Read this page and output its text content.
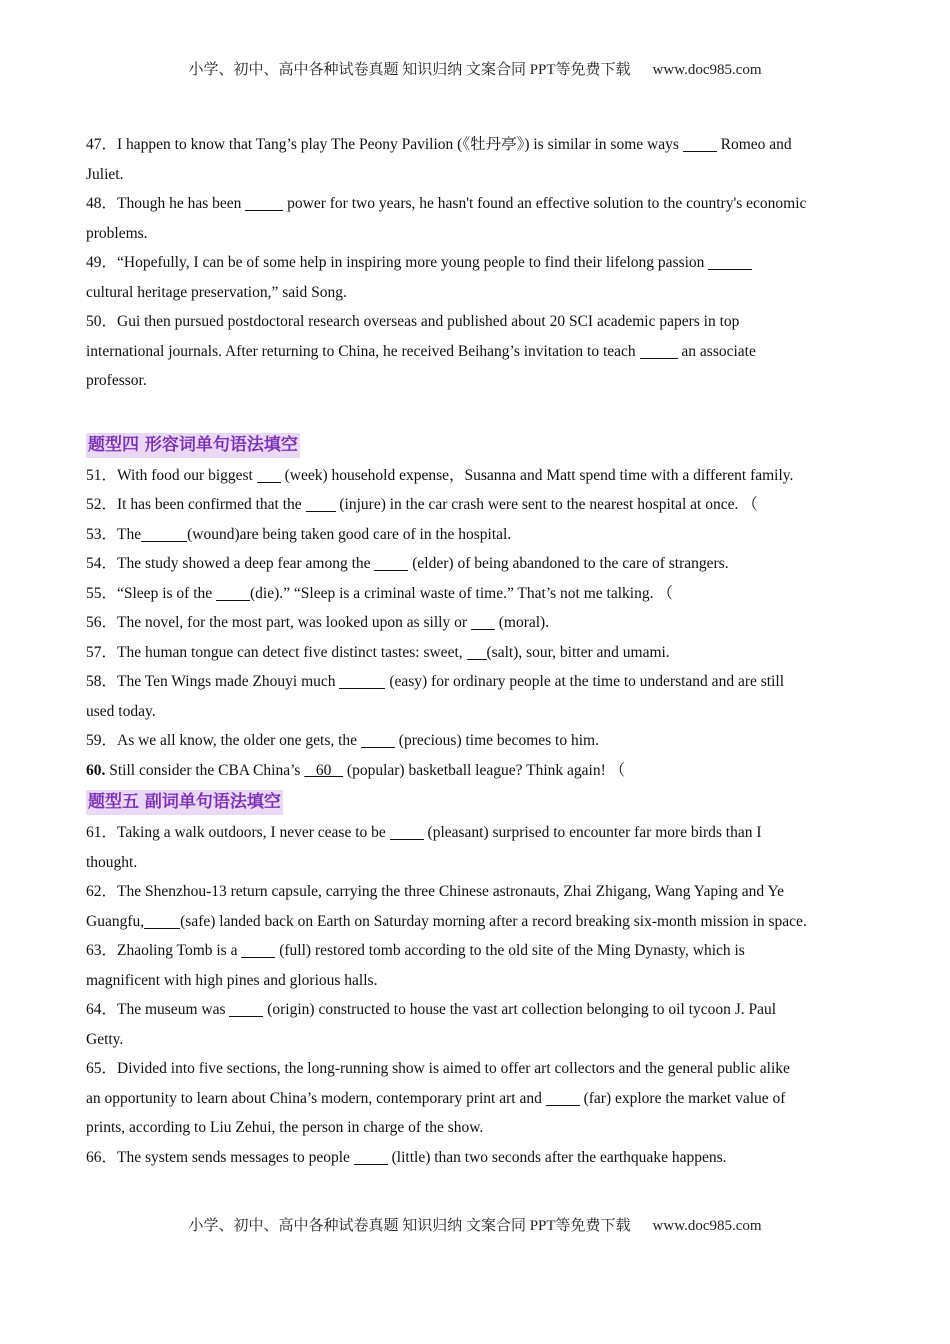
小学、初中、高中各种试卷真题 知识归纳 文案合同 PPT等免费下载 www.doc985.com
47．I happen to know that Tang’s play The Peony Pavilion (《牡丹亭》) is similar in some ways  Romeo and
Juliet.
48．Though he has been  power for two years, he hasn't found an effective solution to the country's economic
problems.
49．“Hopefully, I can be of some help in inspiring more young people to find their lifelong passion
cultural heritage preservation,” said Song.
50．Gui then pursued postdoctoral research overseas and published about 20 SCI academic papers in top
international journals. After returning to China, he received Beihang’s invitation to teach  an associate
professor.
题型四 形容词单句语法填空
51．With food our biggest  (week) household expense，Susanna and Matt spend time with a different family.
52．It has been confirmed that the  (injure) in the car crash were sent to the nearest hospital at once. （
53．The	(wound)are being taken good care of in the hospital.
54．The study showed a deep fear among the  (elder) of being abandoned to the care of strangers.
55．“Sleep is of the (die).” “Sleep is a criminal waste of time.” That’s not me talking. （
56．The novel, for the most part, was looked upon as silly or  (moral).
57．The human tongue can detect five distinct tastes: sweet, (salt), sour, bitter and umami.
58．The Ten Wings made Zhouyi much	(easy) for ordinary people at the time to understand and are still
used today.
59．As we all know, the older one gets, the  (precious) time becomes to him.
60. Still consider the CBA China’s    60    (popular) basketball league? Think again! （
题型五 副词单句语法填空
61．Taking a walk outdoors, I never cease to be  (pleasant) surprised to encounter far more birds than I
thought.
62．The Shenzhou-13 return capsule, carrying the three Chinese astronauts, Zhai Zhigang, Wang Yaping and Ye
Guangfu, (safe) landed back on Earth on Saturday morning after a record breaking six-month mission in space.
63．Zhaoling Tomb is a  (full) restored tomb according to the old site of the Ming Dynasty, which is
magnificent with high pines and glorious halls.
64．The museum was  (origin) constructed to house the vast art collection belonging to oil tycoon J. Paul
Getty.
65．Divided into five sections, the long-running show is aimed to offer art collectors and the general public alike
an opportunity to learn about China’s modern, contemporary print art and  (far) explore the market value of
prints, according to Liu Zehui, the person in charge of the show.
66．The system sends messages to people  (little) than two seconds after the earthquake happens.
小学、初中、高中各种试卷真题 知识归纳 文案合同 PPT等免费下载 www.doc985.com
